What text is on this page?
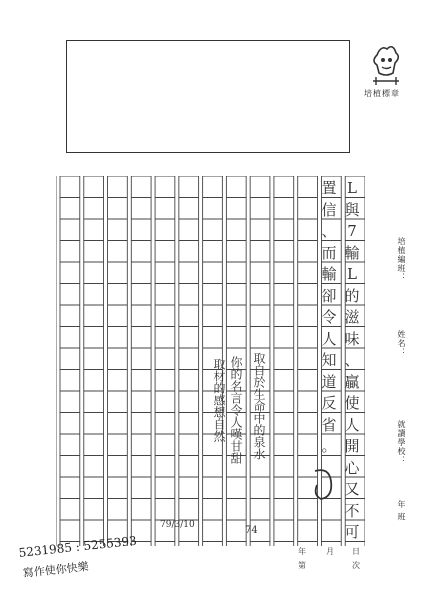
培植標章
培植編班：
姓名：
就讀學校：
年 班
L
與
7
輸
L
的
滋
味
、
贏
使
人
開
心
又
不
可
置
信
、
而
輸
卻
令
人
知
道
反
省
。
取自於生命中的泉水
你的名言令人嘆甘甜
取材的感想自然
79/3/10	74
5231985 : 5255393
寫作使你快樂
年	月 日
第	次
